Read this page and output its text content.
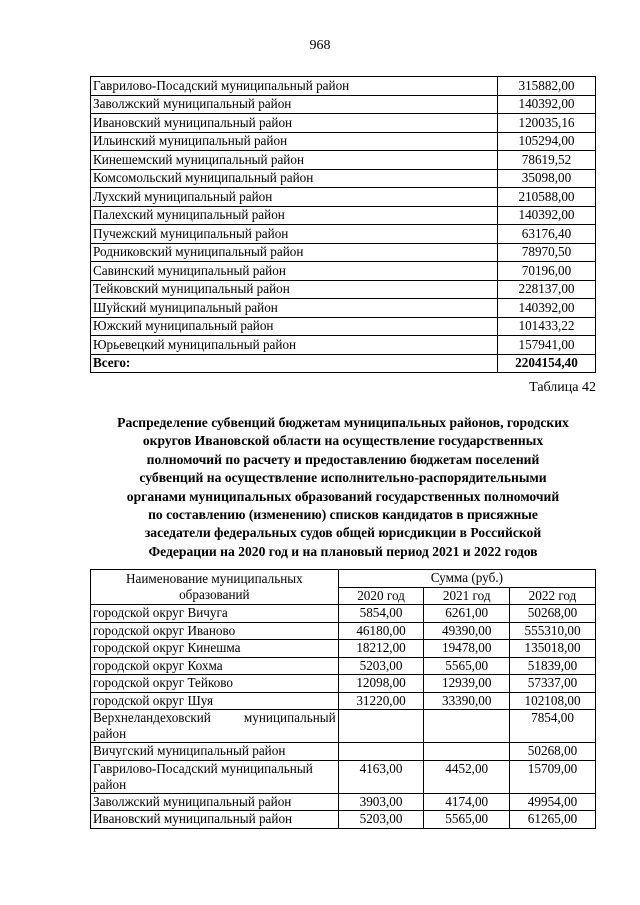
968
Гаврилово-Посадский муниципальный район	315882,00
Заволжский муниципальный район	140392,00
Ивановский муниципальный район	120035,16
Ильинский муниципальный район	105294,00
Кинешемский муниципальный район	78619,52
Комсомольский муниципальный район	35098,00
Лухский муниципальный район	210588,00
Палехский муниципальный район	140392,00
Пучежский муниципальный район	63176,40
Родниковский муниципальный район	78970,50
Савинский муниципальный район	70196,00
Тейковский муниципальный район	228137,00
Шуйский муниципальный район	140392,00
Южский муниципальный район	101433,22
Юрьевецкий муниципальный район	157941,00
Всего:	2204154,40
Таблица 42
Распределение субвенций бюджетам муниципальных районов, городских
округов Ивановской области на осуществление государственных
полномочий по расчету и предоставлению бюджетам поселений
субвенций на осуществление исполнительно-распорядительными
органами муниципальных образований государственных полномочий
по составлению (изменению) списков кандидатов в присяжные
заседатели федеральных судов общей юрисдикции в Российской
Федерации на 2020 год и на плановый период 2021 и 2022 годов
Наименование муниципальных образований	Сумма (руб.)		
	2020 год	2021 год	2022 год
городской округ Вичуга	5854,00	6261,00	50268,00
городской округ Иваново	46180,00	49390,00	555310,00
городской округ Кинешма	18212,00	19478,00	135018,00
городской округ Кохма	5203,00	5565,00	51839,00
городской округ Тейково	12098,00	12939,00	57337,00
городской округ Шуя	31220,00	33390,00	102108,00
Верхнеландеховский муниципальный район			7854,00
Вичугский муниципальный район			50268,00
Гаврилово-Посадский муниципальный район	4163,00	4452,00	15709,00
Заволжский муниципальный район	3903,00	4174,00	49954,00
Ивановский муниципальный район	5203,00	5565,00	61265,00
